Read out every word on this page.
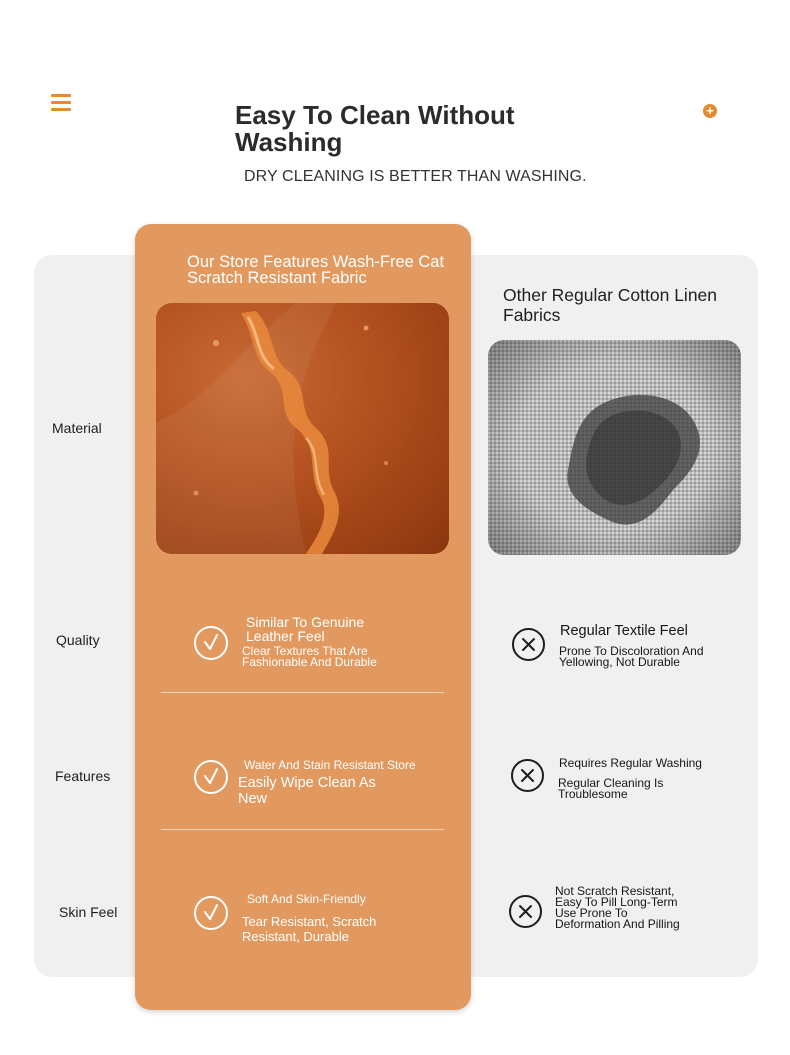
+
Easy To Clean Without Washing

DRY CLEANING IS BETTER THAN WASHING.

Material
Quality
Features
Skin Feel
Our Store Features Wash-Free Cat Scratch Resistant Fabric
Similar To Genuine Leather Feel
Clear Textures That Are Fashionable And Durable
Water And Stain Resistant Store
Easily Wipe Clean As New
Soft And Skin-Friendly
Tear Resistant, Scratch Resistant, Durable
Other Regular Cotton Linen Fabrics
Regular Textile Feel
Prone To Discoloration And Yellowing, Not Durable
Requires Regular Washing
Regular Cleaning Is Troublesome
Not Scratch Resistant, Easy To Pill Long-Term Use Prone To Deformation And Pilling
